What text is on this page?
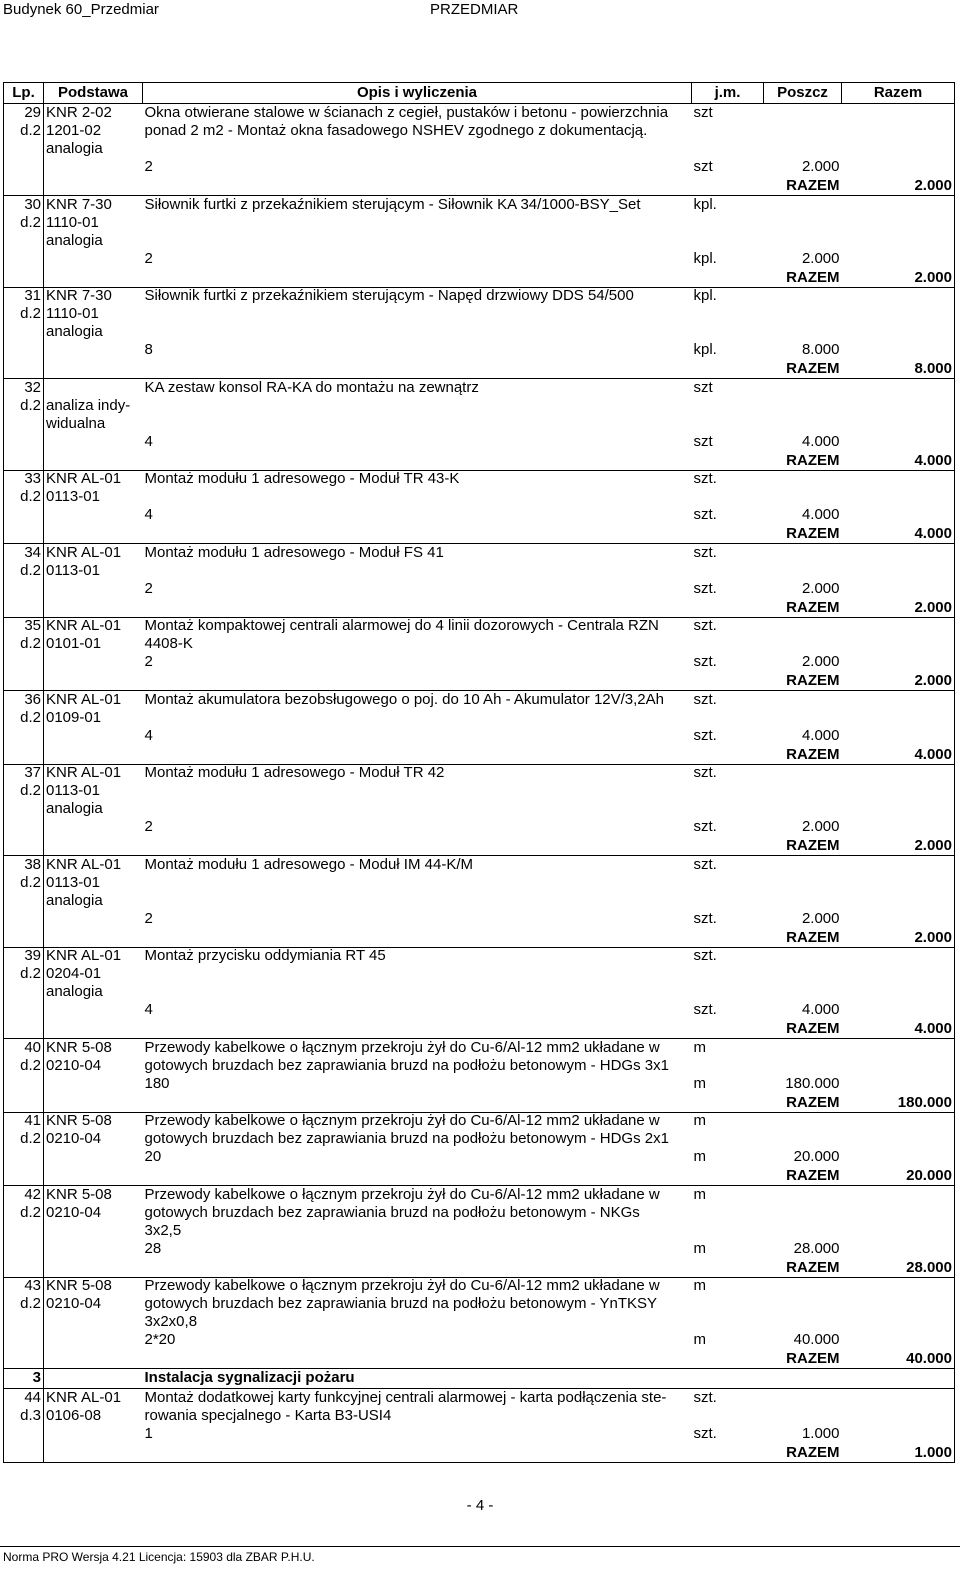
Budynek 60_Przedmiar	PRZEDMIAR
Lp.	Podstawa	Opis i wyliczenia	j.m.	Poszcz	Razem
29	KNR 2-02	Okna otwierane stalowe w ścianach z cegieł, pustaków i betonu - powierzchnia	szt		
d.2	1201-02	ponad 2 m2 - Montaż okna fasadowego NSHEV zgodnego z dokumentacją.			
	analogia				
		2	szt	2.000	
				RAZEM	2.000

30	KNR 7-30	Siłownik furtki z przekaźnikiem sterującym - Siłownik KA 34/1000-BSY_Set	kpl.		
d.2	1110-01				
	analogia				
		2	kpl.	2.000	
				RAZEM	2.000

31	KNR 7-30	Siłownik furtki z przekaźnikiem sterującym - Napęd drzwiowy DDS 54/500	kpl.		
d.2	1110-01				
	analogia				
		8	kpl.	8.000	
				RAZEM	8.000

32		KA zestaw konsol RA-KA do montażu na zewnątrz	szt		
d.2	analiza indy-				
	widualna				
		4	szt	4.000	
				RAZEM	4.000

33	KNR AL-01	Montaż modułu 1 adresowego - Moduł TR 43-K	szt.		
d.2	0113-01				
		4	szt.	4.000	
				RAZEM	4.000

34	KNR AL-01	Montaż modułu 1 adresowego - Moduł FS 41	szt.		
d.2	0113-01				
		2	szt.	2.000	
				RAZEM	2.000

35	KNR AL-01	Montaż kompaktowej centrali alarmowej do 4 linii dozorowych - Centrala RZN	szt.		
d.2	0101-01	4408-K			
		2	szt.	2.000	
				RAZEM	2.000

36	KNR AL-01	Montaż akumulatora bezobsługowego o poj. do 10 Ah - Akumulator 12V/3,2Ah	szt.		
d.2	0109-01				
		4	szt.	4.000	
				RAZEM	4.000

37	KNR AL-01	Montaż modułu 1 adresowego - Moduł TR 42	szt.		
d.2	0113-01				
	analogia				
		2	szt.	2.000	
				RAZEM	2.000

38	KNR AL-01	Montaż modułu 1 adresowego - Moduł IM 44-K/M	szt.		
d.2	0113-01				
	analogia				
		2	szt.	2.000	
				RAZEM	2.000

39	KNR AL-01	Montaż przycisku oddymiania RT 45	szt.		
d.2	0204-01				
	analogia				
		4	szt.	4.000	
				RAZEM	4.000

40	KNR 5-08	Przewody kabelkowe o łącznym przekroju żył do Cu-6/Al-12 mm2 układane w	m		
d.2	0210-04	gotowych bruzdach bez zaprawiania bruzd na podłożu betonowym - HDGs 3x1			
		180	m	180.000	
				RAZEM	180.000

41	KNR 5-08	Przewody kabelkowe o łącznym przekroju żył do Cu-6/Al-12 mm2 układane w	m		
d.2	0210-04	gotowych bruzdach bez zaprawiania bruzd na podłożu betonowym - HDGs 2x1			
		20	m	20.000	
				RAZEM	20.000

42	KNR 5-08	Przewody kabelkowe o łącznym przekroju żył do Cu-6/Al-12 mm2 układane w	m		
d.2	0210-04	gotowych bruzdach bez zaprawiania bruzd na podłożu betonowym - NKGs			
		3x2,5			
		28	m	28.000	
				RAZEM	28.000

43	KNR 5-08	Przewody kabelkowe o łącznym przekroju żył do Cu-6/Al-12 mm2 układane w	m		
d.2	0210-04	gotowych bruzdach bez zaprawiania bruzd na podłożu betonowym - YnTKSY			
		3x2x0,8			
		2*20	m	40.000	
				RAZEM	40.000

3		Instalacja sygnalizacji pożaru			
44	KNR AL-01	Montaż dodatkowej karty funkcyjnej centrali alarmowej - karta podłączenia ste-	szt.		
d.3	0106-08	rowania specjalnego - Karta B3-USI4			
		1	szt.	1.000	
				RAZEM	1.000

- 4 -
Norma PRO Wersja 4.21 Licencja: 15903 dla ZBAR P.H.U.
